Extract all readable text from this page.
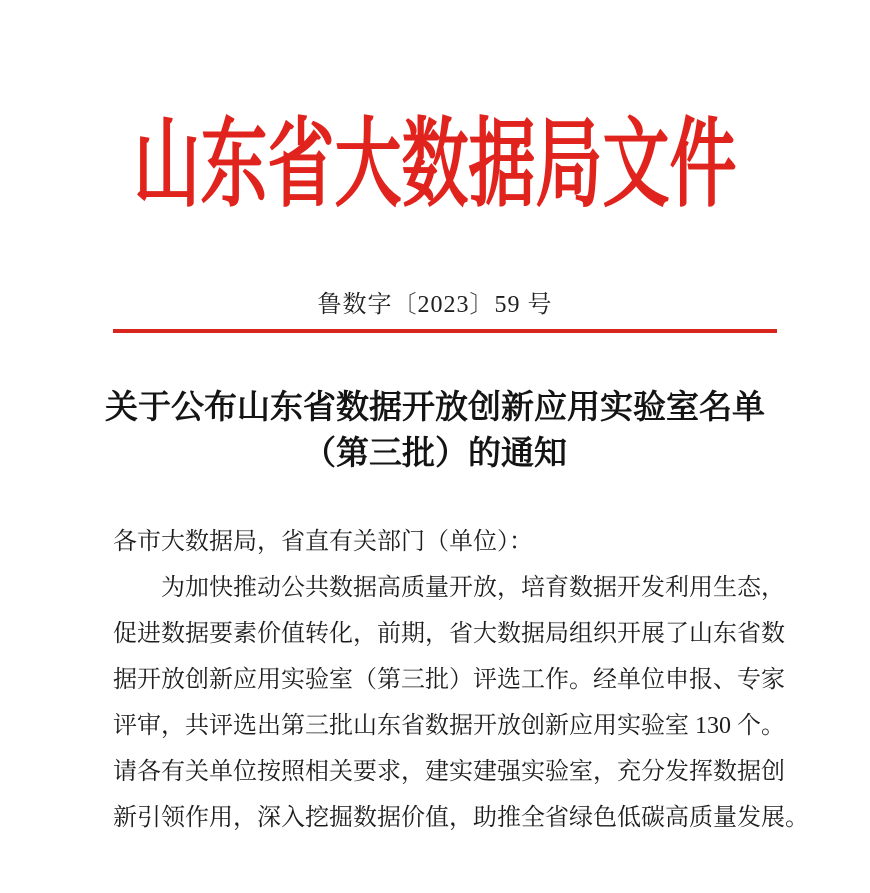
山东省大数据局文件
鲁数字〔2023〕59 号
关于公布山东省数据开放创新应用实验室名单
（第三批）的通知
各市大数据局，省直有关部门（单位）：
为加快推动公共数据高质量开放，培育数据开发利用生态，
促进数据要素价值转化，前期，省大数据局组织开展了山东省数
据开放创新应用实验室（第三批）评选工作。经单位申报、专家
评审，共评选出第三批山东省数据开放创新应用实验室 130 个。
请各有关单位按照相关要求，建实建强实验室，充分发挥数据创
新引领作用，深入挖掘数据价值，助推全省绿色低碳高质量发展。
